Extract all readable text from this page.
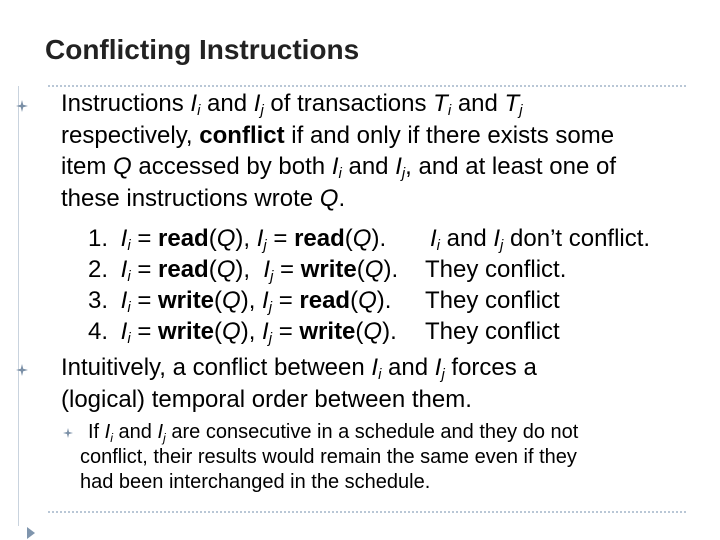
Conflicting Instructions
Instructions $I_i$ and $I_j$ of transactions $T_i$ and $T_j$
respectively, conflict if and only if there exists some
item Q accessed by both $I_i$ and $I_j$, and at least one of
these instructions wrote Q.
1. $I_i$ = read(Q), $I_j$ = read(Q). $I_i$ and $I_j$ don’t conflict.
2. $I_i$ = read(Q),  $I_j$ = write(Q). They conflict.
3. $I_i$ = write(Q), $I_j$ = read(Q). They conflict
4. $I_i$ = write(Q), $I_j$ = write(Q). They conflict
Intuitively, a conflict between $I_i$ and $I_j$ forces a
(logical) temporal order between them.
If $I_i$ and $I_j$ are consecutive in a schedule and they do not
conflict, their results would remain the same even if they
had been interchanged in the schedule.
